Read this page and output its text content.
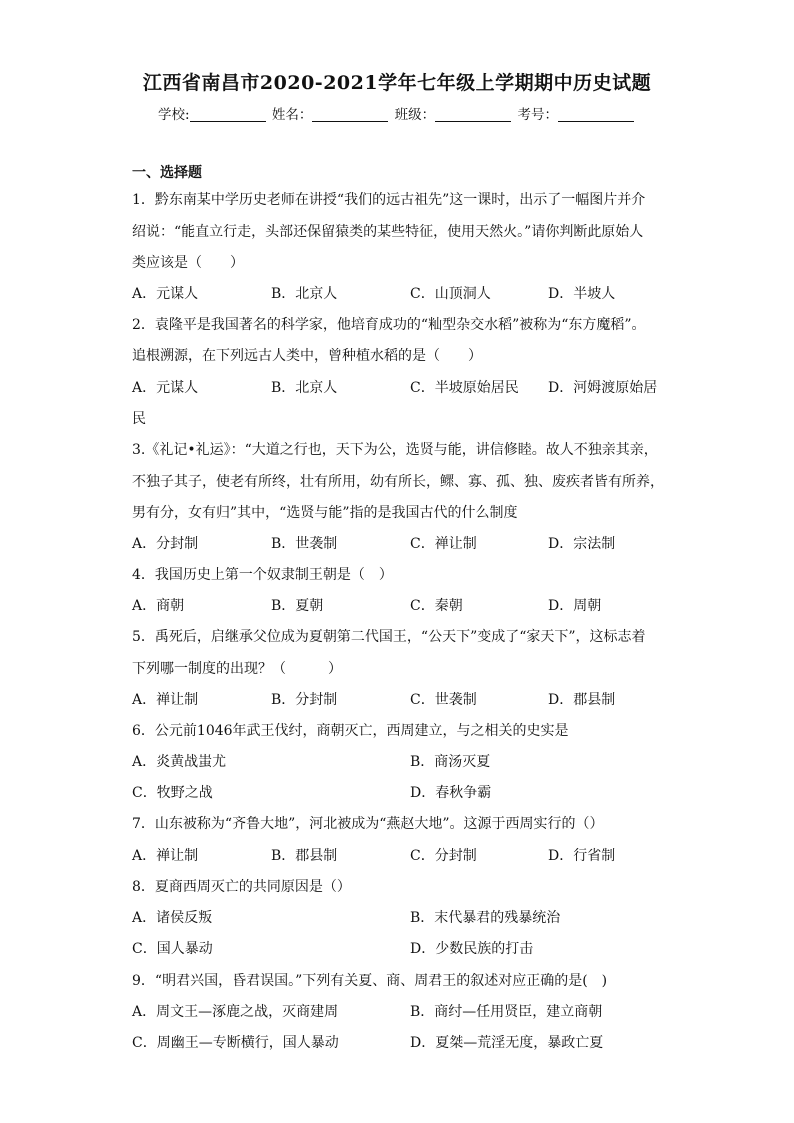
江西省南昌市2020-2021学年七年级上学期期中历史试题
学校:	姓名：	班级：	考号：
一、选择题
1．黔东南某中学历史老师在讲授“我们的远古祖先”这一课时，出示了一幅图片并介
绍说：“能直立行走，头部还保留猿类的某些特征，使用天然火。”请你判断此原始人
类应该是（　　）
A．元谋人	B．北京人	C．山顶洞人	D．半坡人
2．袁隆平是我国著名的科学家，他培育成功的“籼型杂交水稻”被称为“东方魔稻”。
追根溯源，在下列远古人类中，曾种植水稻的是（　　）
A．元谋人	B．北京人	C．半坡原始居民 D．河姆渡原始居
民
3.《礼记•礼运》：“大道之行也，天下为公，选贤与能，讲信修睦。故人不独亲其亲，
不独子其子，使老有所终，壮有所用，幼有所长，鳏、寡、孤、独、废疾者皆有所养，
男有分，女有归”其中，“选贤与能”指的是我国古代的什么制度
A．分封制	B．世袭制	C．禅让制	D．宗法制
4．我国历史上第一个奴隶制王朝是（　）
A．商朝	B．夏朝	C．秦朝	D．周朝
5．禹死后，启继承父位成为夏朝第二代国王，“公天下”变成了“家天下”，这标志着
下列哪一制度的出现？（　　　）
A．禅让制	B．分封制	C．世袭制	D．郡县制
6．公元前1046年武王伐纣，商朝灭亡，西周建立，与之相关的史实是
A．炎黄战蚩尤	B．商汤灭夏
C．牧野之战	D．春秋争霸
7．山东被称为“齐鲁大地”，河北被成为“燕赵大地”。这源于西周实行的（）
A．禅让制	B．郡县制	C．分封制	D．行省制
8．夏商西周灭亡的共同原因是（）
A．诸侯反叛	B．末代暴君的残暴统治
C．国人暴动	D．少数民族的打击
9．“明君兴国，昏君误国。”下列有关夏、商、周君王的叙述对应正确的是(　)
A．周文王—涿鹿之战，灭商建周	B．商纣—任用贤臣，建立商朝
C．周幽王—专断横行，国人暴动	D．夏桀—荒淫无度，暴政亡夏
